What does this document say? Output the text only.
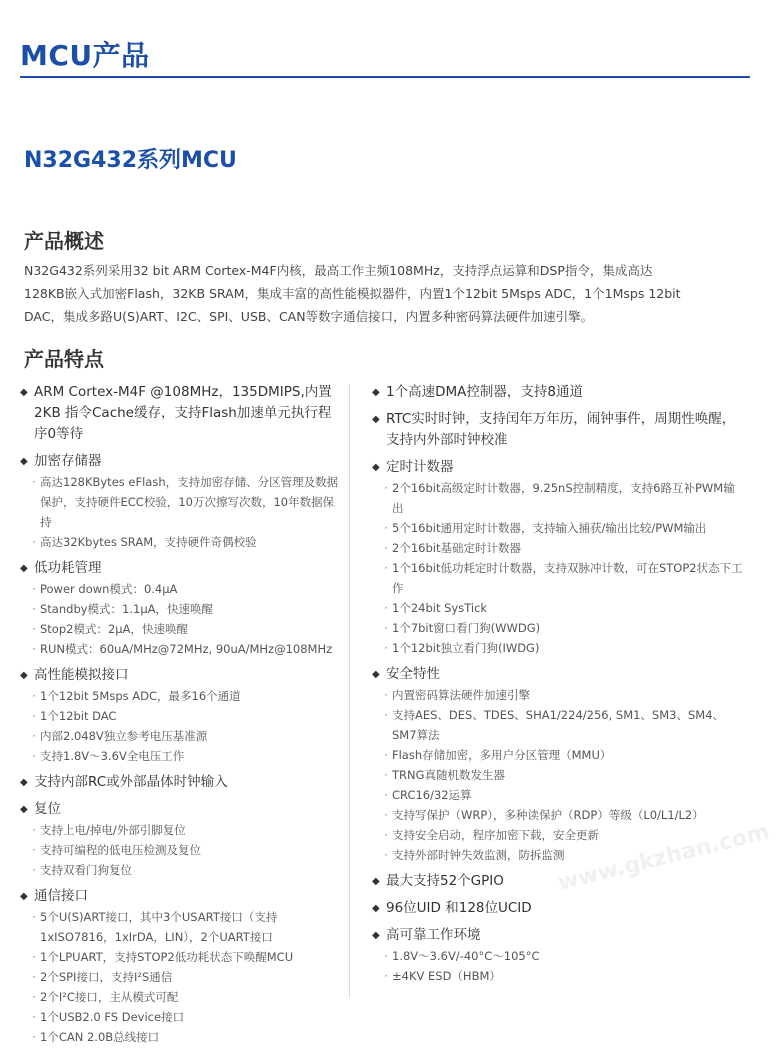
MCU产品
N32G432系列MCU
产品概述
N32G432系列采用32 bit ARM Cortex-M4F内核，最高工作主频108MHz，支持浮点运算和DSP指令，集成高达
128KB嵌入式加密Flash，32KB SRAM，集成丰富的高性能模拟器件，内置1个12bit 5Msps ADC，1个1Msps 12bit
DAC，集成多路U(S)ART、I2C、SPI、USB、CAN等数字通信接口，内置多种密码算法硬件加速引擎。
产品特点
◆ ARM Cortex-M4F @108MHz，135DMIPS,内置2KB 指令Cache缓存，支持Flash加速单元执行程序0等待
◆ 加密存储器
· 高达128KBytes eFlash，支持加密存储、分区管理及数据保护，支持硬件ECC校验，10万次擦写次数，10年数据保持
· 高达32Kbytes SRAM，支持硬件奇偶校验
◆ 低功耗管理
· Power down模式：0.4μA
· Standby模式：1.1μA，快速唤醒
· Stop2模式：2μA，快速唤醒
· RUN模式：60uA/MHz@72MHz, 90uA/MHz@108MHz
◆ 高性能模拟接口
· 1个12bit 5Msps ADC，最多16个通道
· 1个12bit DAC
· 内部2.048V独立参考电压基准源
· 支持1.8V～3.6V全电压工作
◆ 支持内部RC或外部晶体时钟输入
◆ 复位
· 支持上电/掉电/外部引脚复位
· 支持可编程的低电压检测及复位
· 支持双看门狗复位
◆ 通信接口
· 5个U(S)ART接口，其中3个USART接口（支持1xISO7816，1xIrDA，LIN），2个UART接口
· 1个LPUART，支持STOP2低功耗状态下唤醒MCU
· 2个SPI接口，支持I²S通信
· 2个I²C接口，主从模式可配
· 1个USB2.0 FS Device接口
· 1个CAN 2.0B总线接口
◆ 1个高速DMA控制器，支持8通道
◆ RTC实时时钟，支持闰年万年历，闹钟事件，周期性唤醒，支持内外部时钟校准
◆ 定时计数器
· 2个16bit高级定时计数器，9.25nS控制精度，支持6路互补PWM输出
· 5个16bit通用定时计数器，支持输入捕获/输出比较/PWM输出
· 2个16bit基础定时计数器
· 1个16bit低功耗定时计数器，支持双脉冲计数，可在STOP2状态下工作
· 1个24bit SysTick
· 1个7bit窗口看门狗(WWDG)
· 1个12bit独立看门狗(IWDG)
◆ 安全特性
· 内置密码算法硬件加速引擎
· 支持AES、DES、TDES、SHA1/224/256, SM1、SM3、SM4、SM7算法
· Flash存储加密，多用户分区管理（MMU）
· TRNG真随机数发生器
· CRC16/32运算
· 支持写保护（WRP），多种读保护（RDP）等级（L0/L1/L2）
· 支持安全启动，程序加密下载，安全更新
· 支持外部时钟失效监测，防拆监测
◆ 最大支持52个GPIO
◆ 96位UID 和128位UCID
◆ 高可靠工作环境
· 1.8V～3.6V/-40°C～105°C
· ±4KV ESD（HBM）
www.gkzhan.com
